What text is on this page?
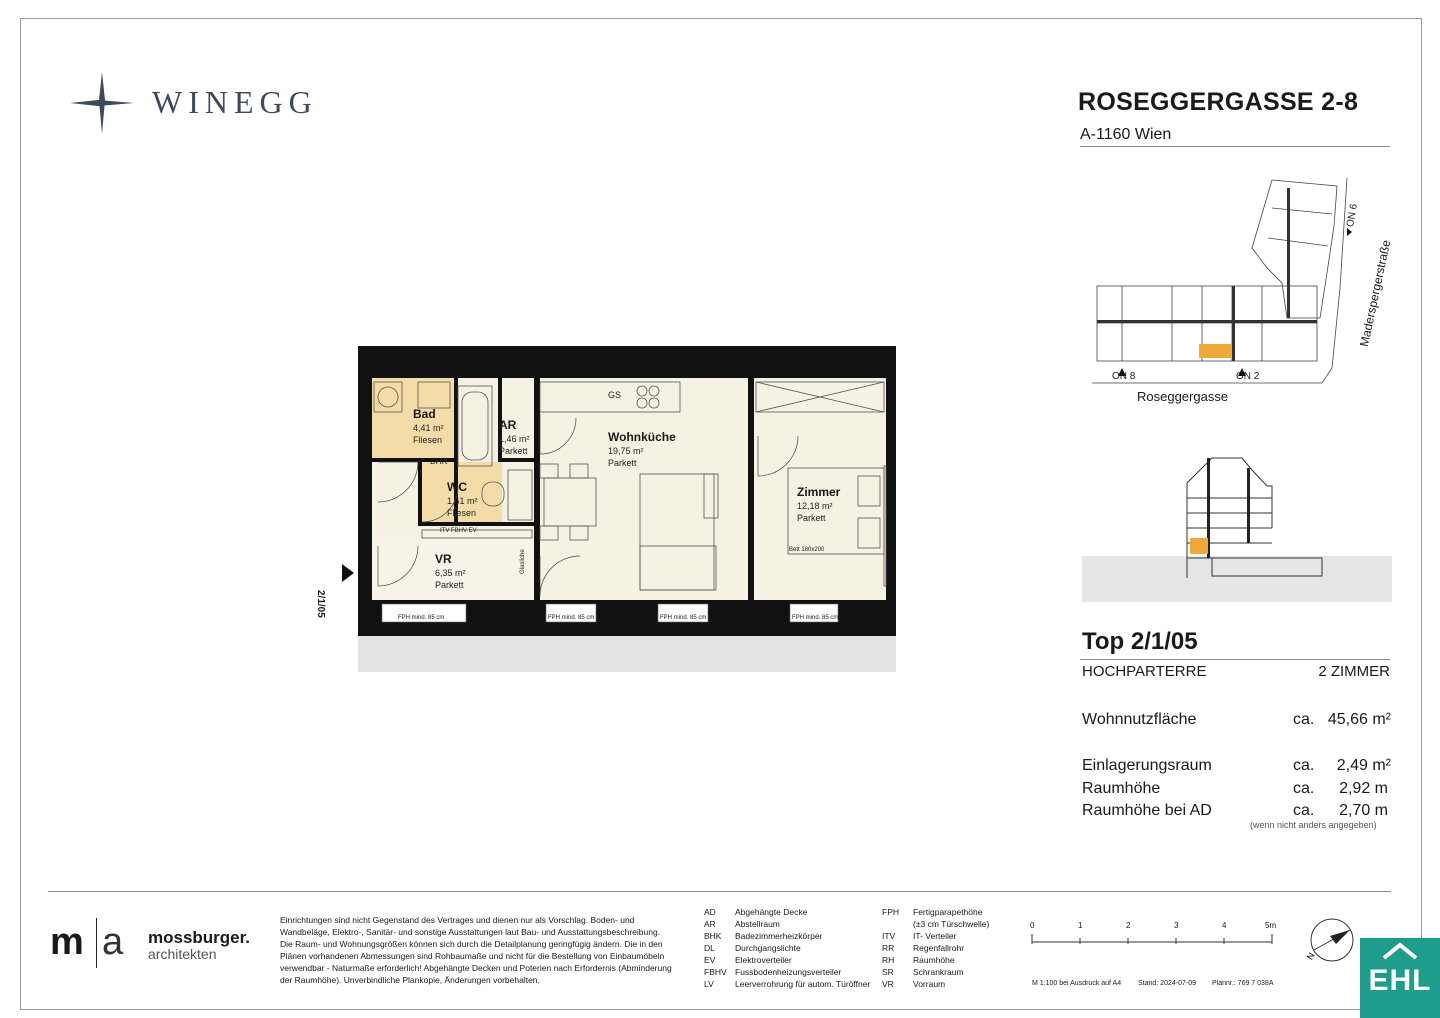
WINEGG	ROSEGGERGASSE 2-8
A-1160 Wien
ON 8	ON 2
ON 6
Roseggergasse
Maderspergerstraße
Top 2/1/05
HOCHPARTERRE	2 ZIMMER
Wohnnutzfläche	ca. 45,66 m²
Einlagerungsraum	ca.	2,49 m²
Raumhöhe	ca.	2,92 m
Raumhöhe bei AD	ca.	2,70 m
(wenn nicht anders angegeben)
Bad
4,41 m²
Fliesen
AR
1,46 m²
Parkett
Wohnküche
19,75 m²
Parkett
WC
1,51 m²
Fliesen
Zimmer
12,18 m²
Parkett
VR
6,35 m²
Parkett
BHK
GS
Bett 180x200
ITV FBHV EV
Glasliche
FPH mind. 85 cm	FPH mind. 85 cm	FPH mind. 85 cm	FPH mind. 85 cm
2/1/05
m a mossburger.
architekten
Einrichtungen sind nicht Gegenstand des Vertrages und dienen nur als Vorschlag. Boden- und Wandbeläge, Elektro-, Sanitär- und sonstige Ausstattungen laut Bau- und Ausstattungsbeschreibung. Die Raum- und Wohnungsgrößen können sich durch die Detailplanung geringfügig ändern. Die in den Plänen vorhandenen Abmessungen sind Rohbaumaße und nicht für die Bestellung von Einbaumöbeln verwendbar - Naturmaße erforderlich! Abgehängte Decken und Poterien nach Erfordernis (Abminderung der Raumhöhe). Unverbindliche Plankopie, Änderungen vorbehalten.
AD Abgehängte Decke
AR Abstellraum
BHK Badezimmerheizkörper
DL Durchgangslichte
EV Elektroverteiler
FBHV Fussbodenheizungsverteiler
LV Leerverrohrung für autom. Türöffner
FPH Fertigparapethöhe
(±3 cm Türschwelle)
ITV IT- Verteiler
RR Regenfallrohr
RH Raumhöhe
SR Schrankraum
VR Vorraum
0	1	2	3	4	5m
M 1:100 bei Ausdruck auf A4 Stand: 2024-07-09 Plannr.: 769 7 038A
N
EHL
